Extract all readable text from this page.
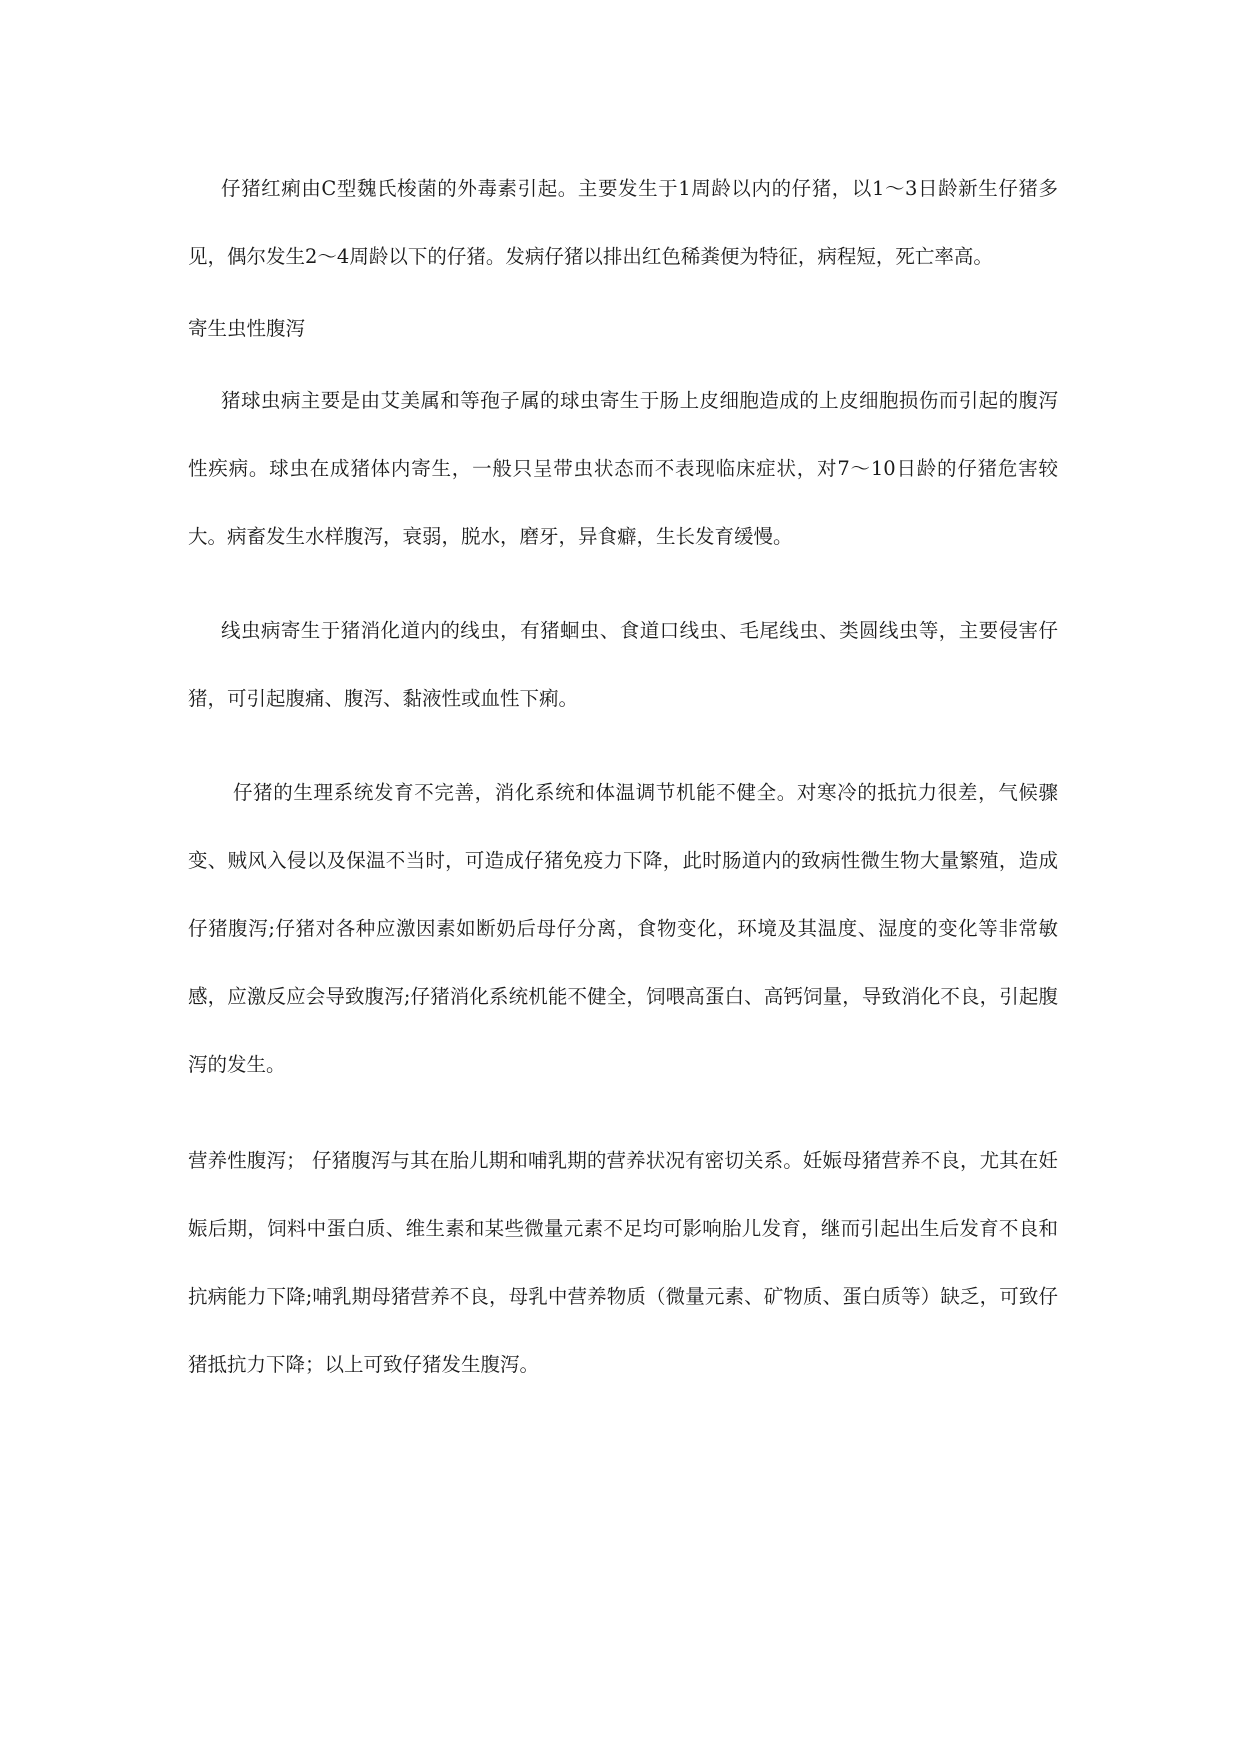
仔猪红痢由C型魏氏梭菌的外毒素引起。主要发生于1周龄以内的仔猪，以1～3日龄新生仔猪多见，偶尔发生2～4周龄以下的仔猪。发病仔猪以排出红色稀粪便为特征，病程短，死亡率高。

寄生虫性腹泻

猪球虫病主要是由艾美属和等孢子属的球虫寄生于肠上皮细胞造成的上皮细胞损伤而引起的腹泻性疾病。球虫在成猪体内寄生，一般只呈带虫状态而不表现临床症状，对7～10日龄的仔猪危害较大。病畜发生水样腹泻，衰弱，脱水，磨牙，异食癖，生长发育缓慢。

线虫病寄生于猪消化道内的线虫，有猪蛔虫、食道口线虫、毛尾线虫、类圆线虫等，主要侵害仔猪，可引起腹痛、腹泻、黏液性或血性下痢。

仔猪的生理系统发育不完善，消化系统和体温调节机能不健全。对寒冷的抵抗力很差，气候骤变、贼风入侵以及保温不当时，可造成仔猪免疫力下降，此时肠道内的致病性微生物大量繁殖，造成仔猪腹泻;仔猪对各种应激因素如断奶后母仔分离，食物变化，环境及其温度、湿度的变化等非常敏感，应激反应会导致腹泻;仔猪消化系统机能不健全，饲喂高蛋白、高钙饲量，导致消化不良，引起腹泻的发生。

营养性腹泻； 仔猪腹泻与其在胎儿期和哺乳期的营养状况有密切关系。妊娠母猪营养不良，尤其在妊娠后期，饲料中蛋白质、维生素和某些微量元素不足均可影响胎儿发育，继而引起出生后发育不良和抗病能力下降;哺乳期母猪营养不良，母乳中营养物质（微量元素、矿物质、蛋白质等）缺乏，可致仔猪抵抗力下降；以上可致仔猪发生腹泻。
